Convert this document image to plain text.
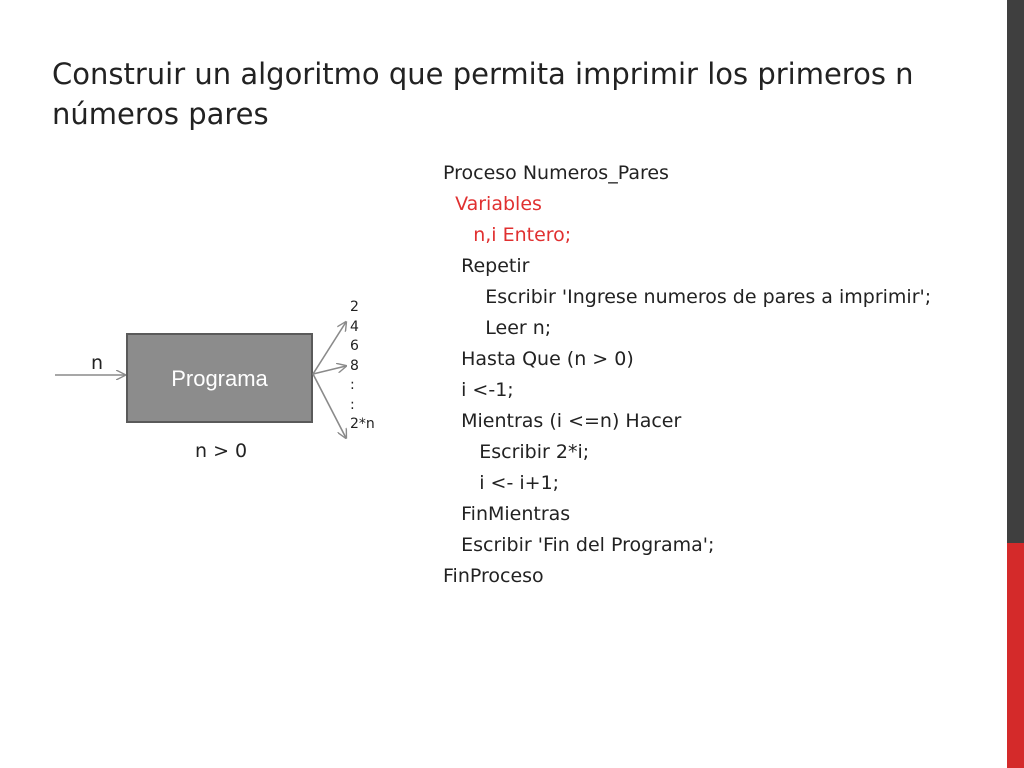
Construir un algoritmo que permita imprimir los primeros n
números pares
Programa
n
n > 0
2
4
6
8
:
:
2*n
Proceso Numeros_Pares
Variables
n,i Entero;
Repetir
Escribir 'Ingrese numeros de pares a imprimir';
Leer n;
Hasta Que (n > 0)
i <-1;
Mientras (i <=n) Hacer
Escribir 2*i;
i <- i+1;
FinMientras
Escribir 'Fin del Programa';
FinProceso
